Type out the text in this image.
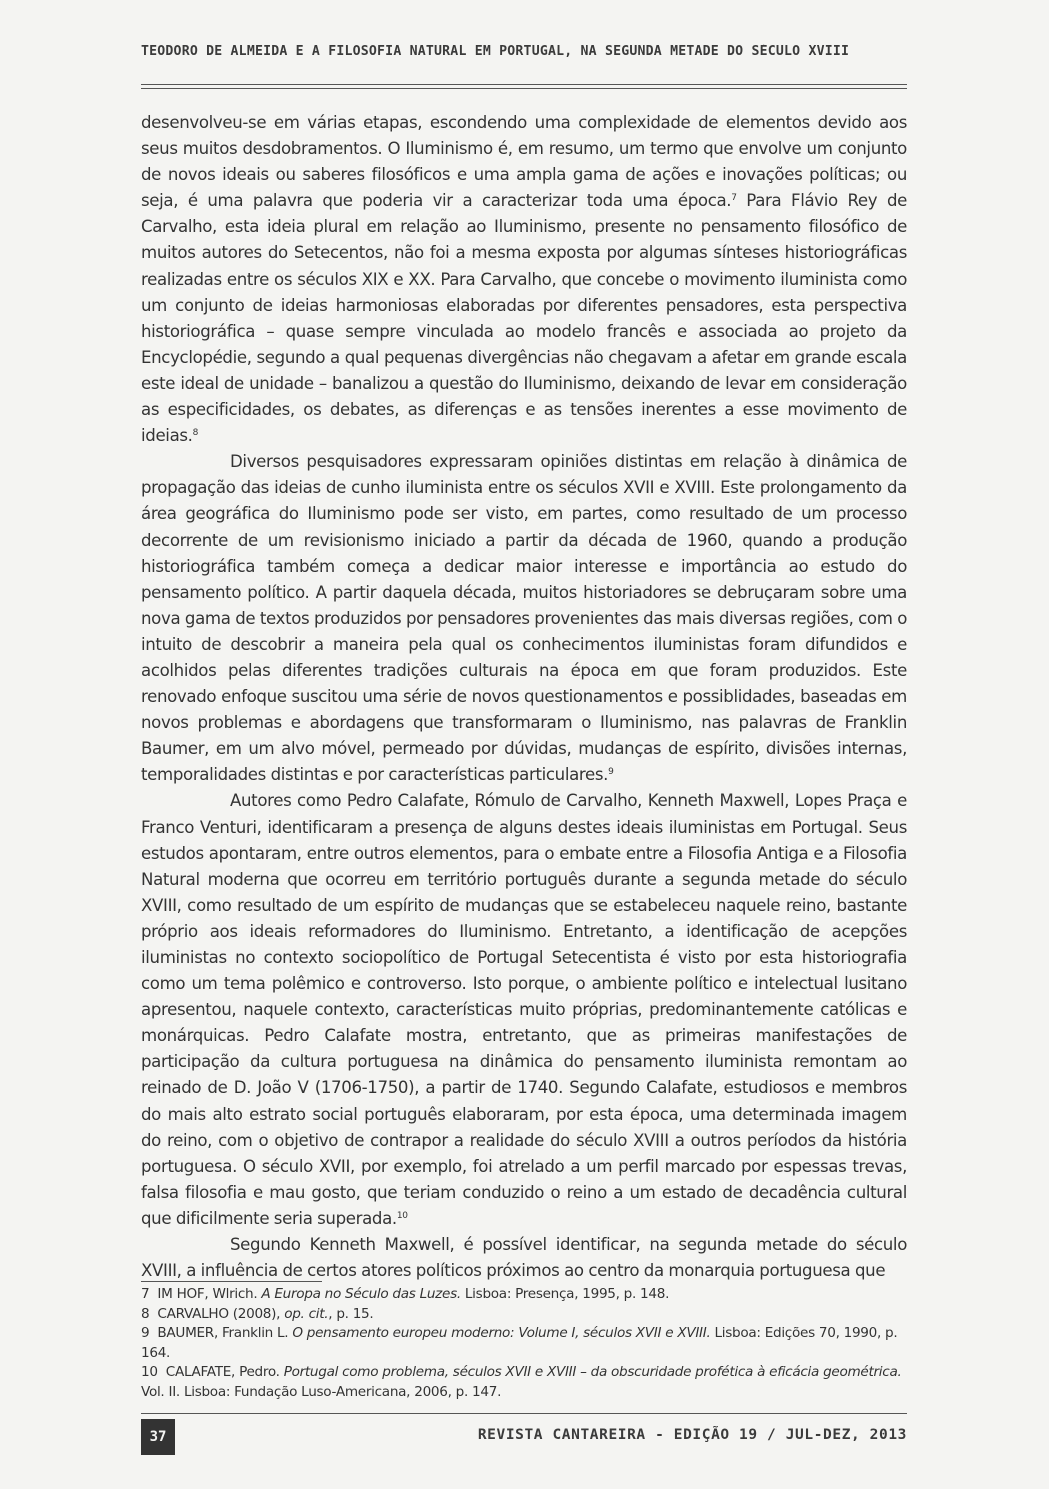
TEODORO DE ALMEIDA E A FILOSOFIA NATURAL EM PORTUGAL, NA SEGUNDA METADE DO SÉCULO XVIII

desenvolveu-se em várias etapas, escondendo uma complexidade de elementos devido aos seus muitos desdobramentos. O Iluminismo é, em resumo, um termo que envolve um conjunto de novos ideais ou saberes filosóficos e uma ampla gama de ações e inovações políticas; ou seja, é uma palavra que poderia vir a caracterizar toda uma época.$^7$ Para Flávio Rey de Carvalho, esta ideia plural em relação ao Iluminismo, presente no pensamento filosófico de muitos autores do Setecentos, não foi a mesma exposta por algumas sínteses historiográficas realizadas entre os séculos XIX e XX. Para Carvalho, que concebe o movimento iluminista como um conjunto de ideias harmoniosas elaboradas por diferentes pensadores, esta perspectiva historiográfica – quase sempre vinculada ao modelo francês e associada ao projeto da Encyclopédie, segundo a qual pequenas divergências não chegavam a afetar em grande escala este ideal de unidade – banalizou a questão do Iluminismo, deixando de levar em consideração as especificidades, os debates, as diferenças e as tensões inerentes a esse movimento de ideias.$^8$

Diversos pesquisadores expressaram opiniões distintas em relação à dinâmica de propagação das ideias de cunho iluminista entre os séculos XVII e XVIII. Este prolongamento da área geográfica do Iluminismo pode ser visto, em partes, como resultado de um processo decorrente de um revisionismo iniciado a partir da década de 1960, quando a produção historiográfica também começa a dedicar maior interesse e importância ao estudo do pensamento político. A partir daquela década, muitos historiadores se debruçaram sobre uma nova gama de textos produzidos por pensadores provenientes das mais diversas regiões, com o intuito de descobrir a maneira pela qual os conhecimentos iluministas foram difundidos e acolhidos pelas diferentes tradições culturais na época em que foram produzidos. Este renovado enfoque suscitou uma série de novos questionamentos e possiblidades, baseadas em novos problemas e abordagens que transformaram o Iluminismo, nas palavras de Franklin Baumer, em um alvo móvel, permeado por dúvidas, mudanças de espírito, divisões internas, temporalidades distintas e por características particulares.$^9$

Autores como Pedro Calafate, Rómulo de Carvalho, Kenneth Maxwell, Lopes Praça e Franco Venturi, identificaram a presença de alguns destes ideais iluministas em Portugal. Seus estudos apontaram, entre outros elementos, para o embate entre a Filosofia Antiga e a Filosofia Natural moderna que ocorreu em território português durante a segunda metade do século XVIII, como resultado de um espírito de mudanças que se estabeleceu naquele reino, bastante próprio aos ideais reformadores do Iluminismo. Entretanto, a identificação de acepções iluministas no contexto sociopolítico de Portugal Setecentista é visto por esta historiografia como um tema polêmico e controverso. Isto porque, o ambiente político e intelectual lusitano apresentou, naquele contexto, características muito próprias, predominantemente católicas e monárquicas. Pedro Calafate mostra, entretanto, que as primeiras manifestações de participação da cultura portuguesa na dinâmica do pensamento iluminista remontam ao reinado de D. João V (1706-1750), a partir de 1740. Segundo Calafate, estudiosos e membros do mais alto estrato social português elaboraram, por esta época, uma determinada imagem do reino, com o objetivo de contrapor a realidade do século XVIII a outros períodos da história portuguesa. O século XVII, por exemplo, foi atrelado a um perfil marcado por espessas trevas, falsa filosofia e mau gosto, que teriam conduzido o reino a um estado de decadência cultural que dificilmente seria superada.$^{10}$

Segundo Kenneth Maxwell, é possível identificar, na segunda metade do século XVIII, a influência de certos atores políticos próximos ao centro da monarquia portuguesa que

7 IM HOF, Wlrich. A Europa no Século das Luzes. Lisboa: Presença, 1995, p. 148.
8 CARVALHO (2008), op. cit., p. 15.
9 BAUMER, Franklin L. O pensamento europeu moderno: Volume I, séculos XVII e XVIII. Lisboa: Edições 70, 1990, p. 164.
10 CALAFATE, Pedro. Portugal como problema, séculos XVII e XVIII – da obscuridade profética à eficácia geométrica. Vol. II. Lisboa: Fundação Luso-Americana, 2006, p. 147.
37	REVISTA CANTAREIRA - EDIÇÃO 19 / JUL-DEZ, 2013
